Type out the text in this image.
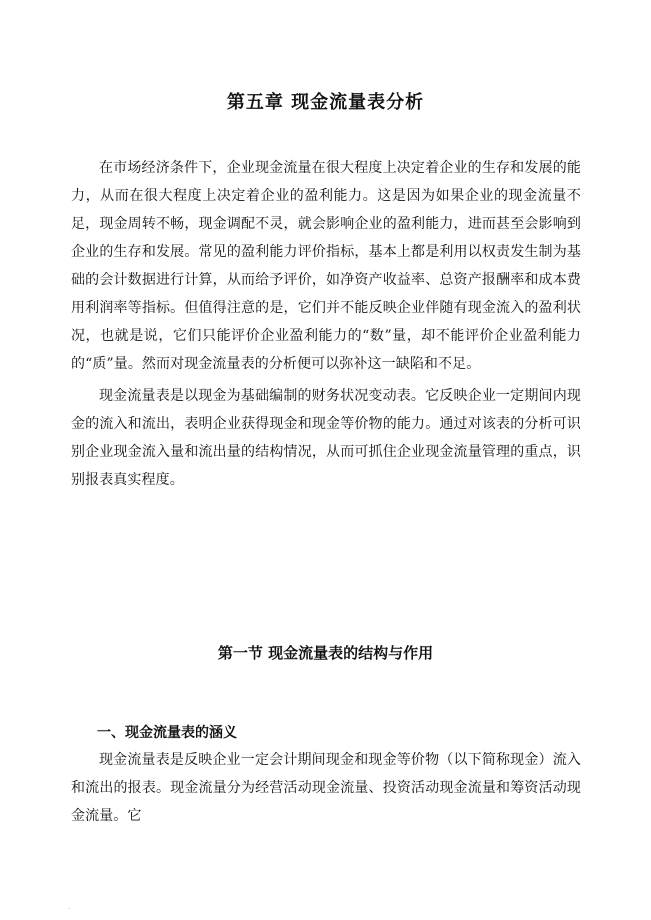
第五章 现金流量表分析

在市场经济条件下，企业现金流量在很大程度上决定着企业的生存和发展的能力，从而在很大程度上决定着企业的盈利能力。这是因为如果企业的现金流量不足，现金周转不畅，现金调配不灵，就会影响企业的盈利能力，进而甚至会影响到企业的生存和发展。常见的盈利能力评价指标，基本上都是利用以权责发生制为基础的会计数据进行计算，从而给予评价，如净资产收益率、总资产报酬率和成本费用利润率等指标。但值得注意的是，它们并不能反映企业伴随有现金流入的盈利状况，也就是说，它们只能评价企业盈利能力的“数”量，却不能评价企业盈利能力的“质”量。然而对现金流量表的分析便可以弥补这一缺陷和不足。

现金流量表是以现金为基础编制的财务状况变动表。它反映企业一定期间内现金的流入和流出，表明企业获得现金和现金等价物的能力。通过对该表的分析可识别企业现金流入量和流出量的结构情况，从而可抓住企业现金流量管理的重点，识别报表真实程度。

第一节 现金流量表的结构与作用
一、现金流量表的涵义

现金流量表是反映企业一定会计期间现金和现金等价物（以下简称现金）流入和流出的报表。现金流量分为经营活动现金流量、投资活动现金流量和筹资活动现金流量。它

.
